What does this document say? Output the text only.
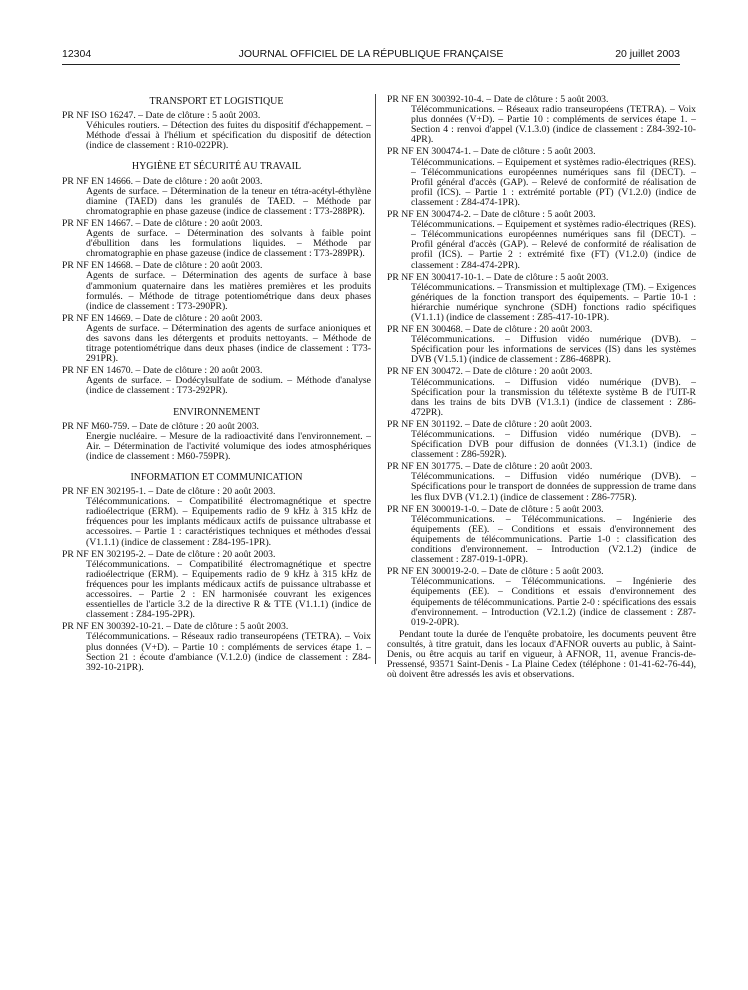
12304	JOURNAL OFFICIEL DE LA RÉPUBLIQUE FRANÇAISE	20 juillet 2003
TRANSPORT ET LOGISTIQUE
PR NF ISO 16247. – Date de clôture : 5 août 2003.
Véhicules routiers. – Détection des fuites du dispositif d'échappement. – Méthode d'essai à l'hélium et spécification du dispositif de détection (indice de classement : R10-022PR).
HYGIÈNE ET SÉCURITÉ AU TRAVAIL
PR NF EN 14666. – Date de clôture : 20 août 2003.
Agents de surface. – Détermination de la teneur en tétra-acétyl-éthylène diamine (TAED) dans les granulés de TAED. – Méthode par chromatographie en phase gazeuse (indice de classement : T73-288PR).
PR NF EN 14667. – Date de clôture : 20 août 2003.
Agents de surface. – Détermination des solvants à faible point d'ébullition dans les formulations liquides. – Méthode par chromatographie en phase gazeuse (indice de classement : T73-289PR).
PR NF EN 14668. – Date de clôture : 20 août 2003.
Agents de surface. – Détermination des agents de surface à base d'ammonium quaternaire dans les matières premières et les produits formulés. – Méthode de titrage potentiométrique dans deux phases (indice de classement : T73-290PR).
PR NF EN 14669. – Date de clôture : 20 août 2003.
Agents de surface. – Détermination des agents de surface anioniques et des savons dans les détergents et produits nettoyants. – Méthode de titrage potentiométrique dans deux phases (indice de classement : T73-291PR).
PR NF EN 14670. – Date de clôture : 20 août 2003.
Agents de surface. – Dodécylsulfate de sodium. – Méthode d'analyse (indice de classement : T73-292PR).
ENVIRONNEMENT
PR NF M60-759. – Date de clôture : 20 août 2003.
Energie nucléaire. – Mesure de la radioactivité dans l'environnement. – Air. – Détermination de l'activité volumique des iodes atmosphériques (indice de classement : M60-759PR).
INFORMATION ET COMMUNICATION
PR NF EN 302195-1. – Date de clôture : 20 août 2003.
Télécommunications. – Compatibilité électromagnétique et spectre radioélectrique (ERM). – Equipements radio de 9 kHz à 315 kHz de fréquences pour les implants médicaux actifs de puissance ultrabasse et accessoires. – Partie 1 : caractéristiques techniques et méthodes d'essai (V1.1.1) (indice de classement : Z84-195-1PR).
PR NF EN 302195-2. – Date de clôture : 20 août 2003.
Télécommunications. – Compatibilité électromagnétique et spectre radioélectrique (ERM). – Equipements radio de 9 kHz à 315 kHz de fréquences pour les implants médicaux actifs de puissance ultrabasse et accessoires. – Partie 2 : EN harmonisée couvrant les exigences essentielles de l'article 3.2 de la directive R & TTE (V1.1.1) (indice de classement : Z84-195-2PR).
PR NF EN 300392-10-21. – Date de clôture : 5 août 2003.
Télécommunications. – Réseaux radio transeuropéens (TETRA). – Voix plus données (V+D). – Partie 10 : compléments de services étape 1. – Section 21 : écoute d'ambiance (V.1.2.0) (indice de classement : Z84-392-10-21PR).
PR NF EN 300392-10-4. – Date de clôture : 5 août 2003.
Télécommunications. – Réseaux radio transeuropéens (TETRA). – Voix plus données (V+D). – Partie 10 : compléments de services étape 1. – Section 4 : renvoi d'appel (V.1.3.0) (indice de classement : Z84-392-10-4PR).
PR NF EN 300474-1. – Date de clôture : 5 août 2003.
Télécommunications. – Equipement et systèmes radio-électriques (RES). – Télécommunications européennes numériques sans fil (DECT). – Profil général d'accès (GAP). – Relevé de conformité de réalisation de profil (ICS). – Partie 1 : extrémité portable (PT) (V1.2.0) (indice de classement : Z84-474-1PR).
PR NF EN 300474-2. – Date de clôture : 5 août 2003.
Télécommunications. – Equipement et systèmes radio-électriques (RES). – Télécommunications européennes numériques sans fil (DECT). – Profil général d'accès (GAP). – Relevé de conformité de réalisation de profil (ICS). – Partie 2 : extrémité fixe (FT) (V1.2.0) (indice de classement : Z84-474-2PR).
PR NF EN 300417-10-1. – Date de clôture : 5 août 2003.
Télécommunications. – Transmission et multiplexage (TM). – Exigences génériques de la fonction transport des équipements. – Partie 10-1 : hiérarchie numérique synchrone (SDH) fonctions radio spécifiques (V1.1.1) (indice de classement : Z85-417-10-1PR).
PR NF EN 300468. – Date de clôture : 20 août 2003.
Télécommunications. – Diffusion vidéo numérique (DVB). – Spécification pour les informations de services (IS) dans les systèmes DVB (V1.5.1) (indice de classement : Z86-468PR).
PR NF EN 300472. – Date de clôture : 20 août 2003.
Télécommunications. – Diffusion vidéo numérique (DVB). – Spécification pour la transmission du télétexte système B de l'UIT-R dans les trains de bits DVB (V1.3.1) (indice de classement : Z86-472PR).
PR NF EN 301192. – Date de clôture : 20 août 2003.
Télécommunications. – Diffusion vidéo numérique (DVB). – Spécification DVB pour diffusion de données (V1.3.1) (indice de classement : Z86-592R).
PR NF EN 301775. – Date de clôture : 20 août 2003.
Télécommunications. – Diffusion vidéo numérique (DVB). – Spécifications pour le transport de données de suppression de trame dans les flux DVB (V1.2.1) (indice de classement : Z86-775R).
PR NF EN 300019-1-0. – Date de clôture : 5 août 2003.
Télécommunications. – Télécommunications. – Ingénierie des équipements (EE). – Conditions et essais d'environnement des équipements de télécommunications. Partie 1-0 : classification des conditions d'environnement. – Introduction (V2.1.2) (indice de classement : Z87-019-1-0PR).
PR NF EN 300019-2-0. – Date de clôture : 5 août 2003.
Télécommunications. – Télécommunications. – Ingénierie des équipements (EE). – Conditions et essais d'environnement des équipements de télécommunications. Partie 2-0 : spécifications des essais d'environnement. – Introduction (V2.1.2) (indice de classement : Z87-019-2-0PR).
Pendant toute la durée de l'enquête probatoire, les documents peuvent être consultés, à titre gratuit, dans les locaux d'AFNOR ouverts au public, à Saint-Denis, ou être acquis au tarif en vigueur, à AFNOR, 11, avenue Francis-de-Pressensé, 93571 Saint-Denis - La Plaine Cedex (téléphone : 01-41-62-76-44), où doivent être adressés les avis et observations.
